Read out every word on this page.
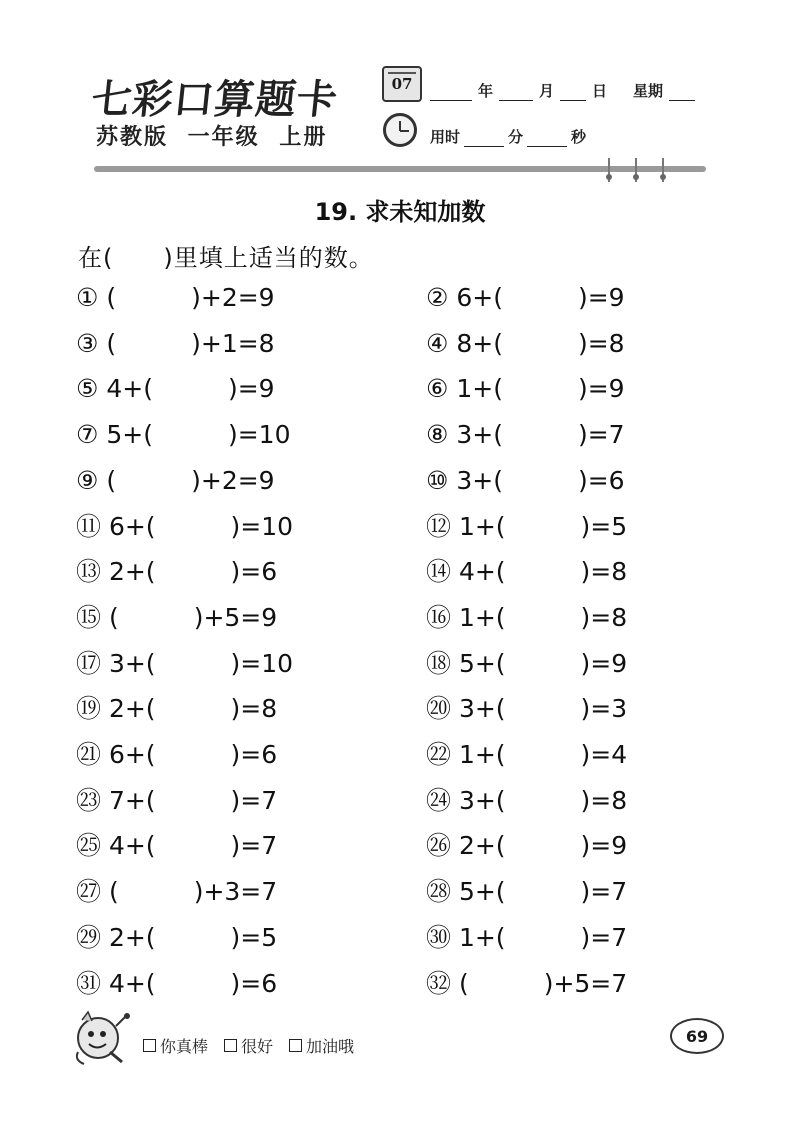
七彩口算题卡
苏教版 一年级 上册
07	年	月	日 星期
用时	分	秒
19. 求未知加数
在(　　)里填上适当的数。
① (　　　)+2=9	② 6+(　　　)=9
③ (　　　)+1=8	④ 8+(　　　)=8
⑤ 4+(　　　)=9	⑥ 1+(　　　)=9
⑦ 5+(　　　)=10	⑧ 3+(　　　)=7
⑨ (　　　)+2=9	⑩ 3+(　　　)=6
⑪ 6+(　　　)=10	⑫ 1+(　　　)=5
⑬ 2+(　　　)=6	⑭ 4+(　　　)=8
⑮ (　　　)+5=9	⑯ 1+(　　　)=8
⑰ 3+(　　　)=10	⑱ 5+(　　　)=9
⑲ 2+(　　　)=8	⑳ 3+(　　　)=3
㉑ 6+(　　　)=6	㉒ 1+(　　　)=4
㉓ 7+(　　　)=7	㉔ 3+(　　　)=8
㉕ 4+(　　　)=7	㉖ 2+(　　　)=9
㉗ (　　　)+3=7	㉘ 5+(　　　)=7
㉙ 2+(　　　)=5	㉚ 1+(　　　)=7
㉛ 4+(　　　)=6	㉜ (　　　)+5=7
你真棒 很好 加油哦
69
